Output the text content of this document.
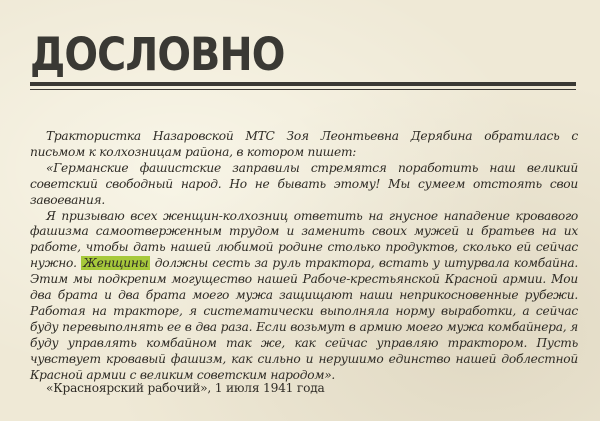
ДОСЛОВНО

Трактористка Назаровской МТС Зоя Леонтьевна Дерябина обратилась с письмом к колхозницам района, в котором пишет:

«Германские фашистские заправилы стремятся поработить наш великий советский свободный народ. Но не бывать этому! Мы сумеем отстоять свои завоевания.

Я призываю всех женщин-колхозниц ответить на гнусное нападение кровавого фашизма самоотверженным трудом и заменить своих мужей и братьев на их работе, чтобы дать нашей любимой родине столько продуктов, сколько ей сейчас нужно. Женщины должны сесть за руль трактора, встать у штурвала комбайна. Этим мы подкрепим могущество нашей Рабоче-крестьянской Красной армии. Мои два брата и два брата моего мужа защищают наши неприкосновенные рубежи. Работая на тракторе, я систематически выполняла норму выработки, а сейчас буду перевыполнять ее в два раза. Если возьмут в армию моего мужа комбайнера, я буду управлять комбайном так же, как сейчас управляю трактором. Пусть чувствует кровавый фашизм, как сильно и нерушимо единство нашей доблестной Красной армии с великим советским народом».

«Красноярский рабочий», 1 июля 1941 года
